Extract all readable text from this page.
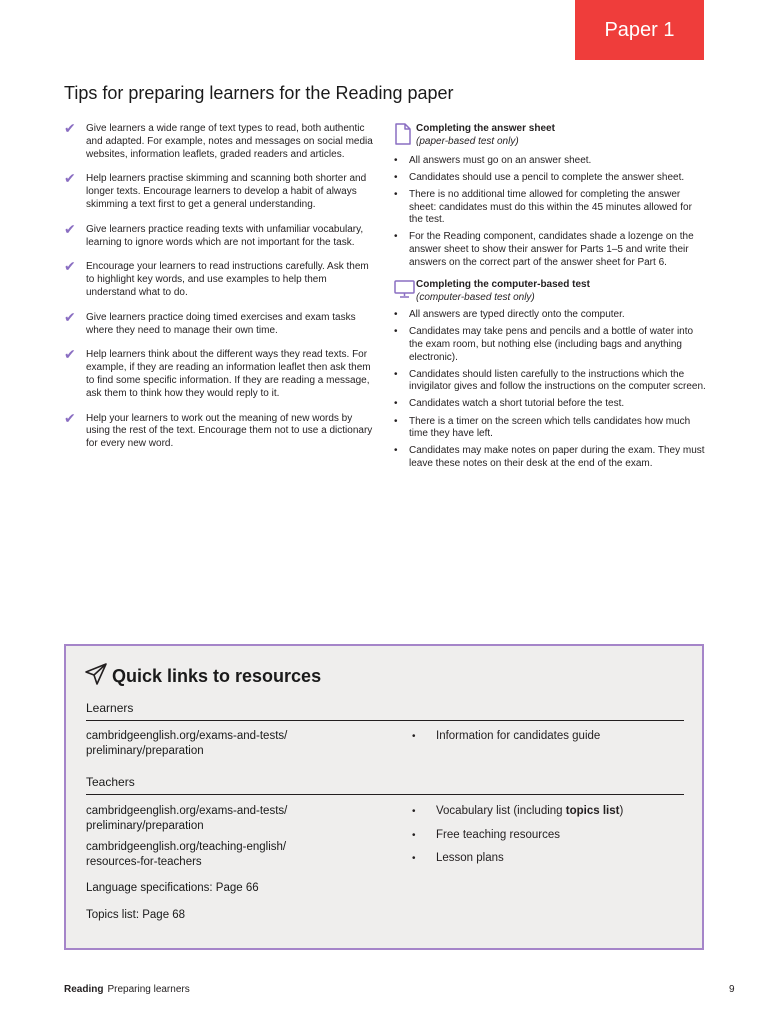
Paper 1
Tips for preparing learners for the Reading paper
✔	Give learners a wide range of text types to read, both authentic and adapted. For example, notes and messages on social media websites, information leaflets, graded readers and articles.
✔	Help learners practise skimming and scanning both shorter and longer texts. Encourage learners to develop a habit of always skimming a text first to get a general understanding.
✔	Give learners practice reading texts with unfamiliar vocabulary, learning to ignore words which are not important for the task.
✔	Encourage your learners to read instructions carefully. Ask them to highlight key words, and use examples to help them understand what to do.
✔	Give learners practice doing timed exercises and exam tasks where they need to manage their own time.
✔	Help learners think about the different ways they read texts. For example, if they are reading an information leaflet then ask them to find some specific information. If they are reading a message, ask them to think how they would reply to it.
✔	Help your learners to work out the meaning of new words by using the rest of the text. Encourage them not to use a dictionary for every new word.
Completing the answer sheet
(paper-based test only)
• All answers must go on an answer sheet.
• Candidates should use a pencil to complete the answer sheet.
• There is no additional time allowed for completing the answer sheet: candidates must do this within the 45 minutes allowed for the test.
• For the Reading component, candidates shade a lozenge on the answer sheet to show their answer for Parts 1–5 and write their answers on the correct part of the answer sheet for Part 6.
Completing the computer-based test
(computer-based test only)
• All answers are typed directly onto the computer.
• Candidates may take pens and pencils and a bottle of water into the exam room, but nothing else (including bags and anything electronic).
• Candidates should listen carefully to the instructions which the invigilator gives and follow the instructions on the computer screen.
• Candidates watch a short tutorial before the test.
• There is a timer on the screen which tells candidates how much time they have left.
• Candidates may make notes on paper during the exam. They must leave these notes on their desk at the end of the exam.
Quick links to resources
Learners
cambridgeenglish.org/exams-and-tests/
preliminary/preparation
• Information for candidates guide
Teachers
cambridgeenglish.org/exams-and-tests/
preliminary/preparation
cambridgeenglish.org/teaching-english/
resources-for-teachers
Language specifications: Page 66
Topics list: Page 68
• Vocabulary list (including topics list)
• Free teaching resources
• Lesson plans
Reading Preparing learners	9
